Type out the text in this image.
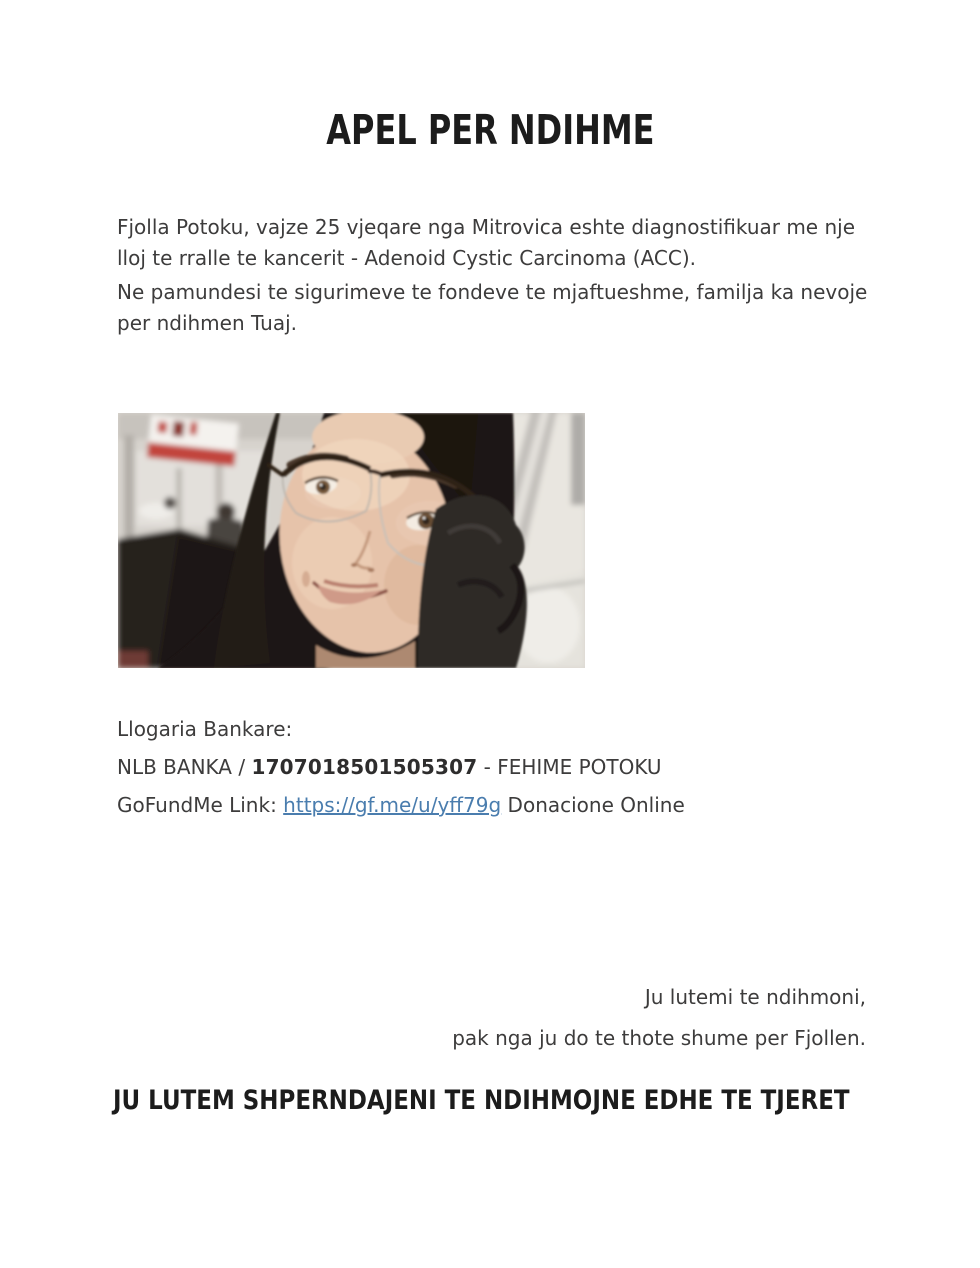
APEL PER NDIHME
Fjolla Potoku, vajze 25 vjeqare nga Mitrovica eshte diagnostifikuar me nje
lloj te rralle te kancerit - Adenoid Cystic Carcinoma (ACC).
Ne pamundesi te sigurimeve te fondeve te mjaftueshme, familja ka nevoje
per ndihmen Tuaj.
Llogaria Bankare:
NLB BANKA / 1707018501505307 - FEHIME POTOKU
GoFundMe Link: https://gf.me/u/yff79g Donacione Online
Ju lutemi te ndihmoni,
pak nga ju do te thote shume per Fjollen.
JU LUTEM SHPERNDAJENI TE NDIHMOJNE EDHE TE TJERET
